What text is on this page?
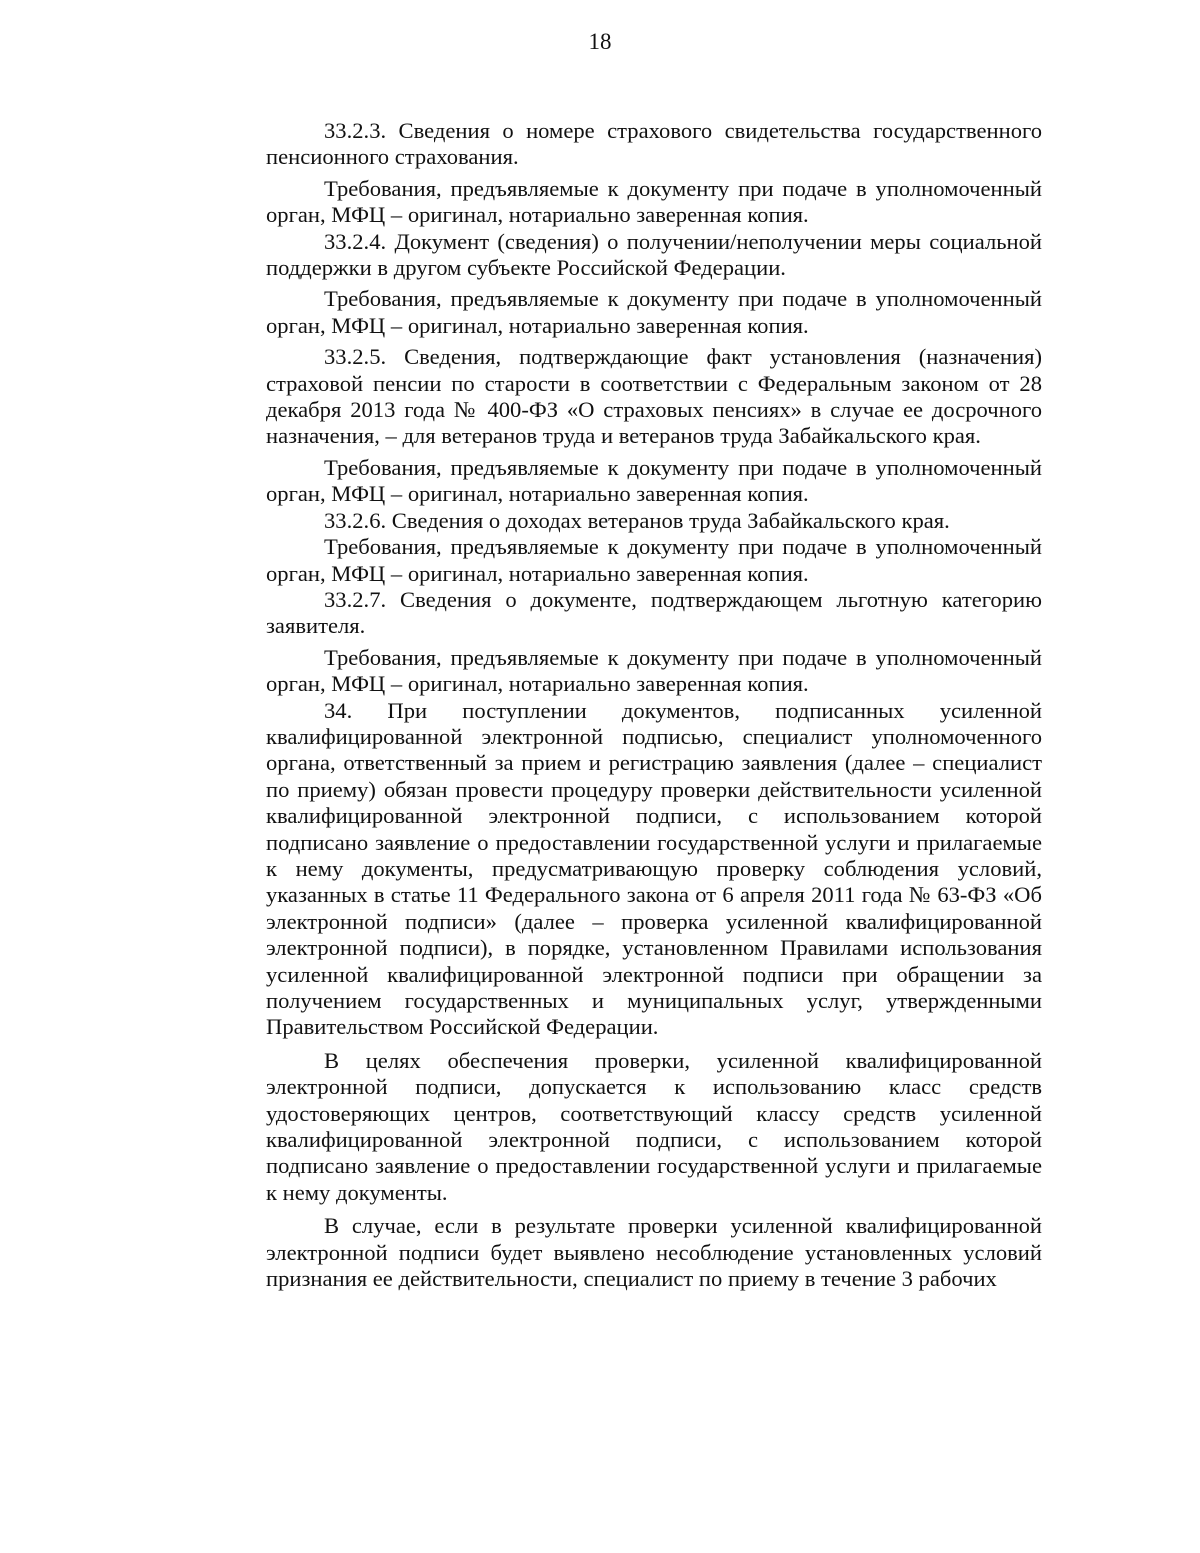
18

33.2.3. Сведения о номере страхового свидетельства государственного пенсионного страхования.

Требования, предъявляемые к документу при подаче в уполномоченный орган, МФЦ – оригинал, нотариально заверенная копия.

33.2.4. Документ (сведения) о получении/неполучении меры социальной поддержки в другом субъекте Российской Федерации.

Требования, предъявляемые к документу при подаче в уполномоченный орган, МФЦ – оригинал, нотариально заверенная копия.

33.2.5. Сведения, подтверждающие факт установления (назначения) страховой пенсии по старости в соответствии с Федеральным законом от 28 декабря 2013 года № 400-ФЗ «О страховых пенсиях» в случае ее досрочного назначения, – для ветеранов труда и ветеранов труда Забайкальского края.

Требования, предъявляемые к документу при подаче в уполномоченный орган, МФЦ – оригинал, нотариально заверенная копия.

33.2.6. Сведения о доходах ветеранов труда Забайкальского края.

Требования, предъявляемые к документу при подаче в уполномоченный орган, МФЦ – оригинал, нотариально заверенная копия.

33.2.7. Сведения о документе, подтверждающем льготную категорию заявителя.

Требования, предъявляемые к документу при подаче в уполномоченный орган, МФЦ – оригинал, нотариально заверенная копия.

34. При поступлении документов, подписанных усиленной квалифицированной электронной подписью, специалист уполномоченного органа, ответственный за прием и регистрацию заявления (далее – специалист по приему) обязан провести процедуру проверки действительности усиленной квалифицированной электронной подписи, с использованием которой подписано заявление о предоставлении государственной услуги и прилагаемые к нему документы, предусматривающую проверку соблюдения условий, указанных в статье 11 Федерального закона от 6 апреля 2011 года № 63-ФЗ «Об электронной подписи» (далее – проверка усиленной квалифицированной электронной подписи), в порядке, установленном Правилами использования усиленной квалифицированной электронной подписи при обращении за получением государственных и муниципальных услуг, утвержденными Правительством Российской Федерации.

В целях обеспечения проверки, усиленной квалифицированной электронной подписи, допускается к использованию класс средств удостоверяющих центров, соответствующий классу средств усиленной квалифицированной электронной подписи, с использованием которой подписано заявление о предоставлении государственной услуги и прилагаемые к нему документы.

В случае, если в результате проверки усиленной квалифицированной электронной подписи будет выявлено несоблюдение установленных условий признания ее действительности, специалист по приему в течение 3 рабочих
